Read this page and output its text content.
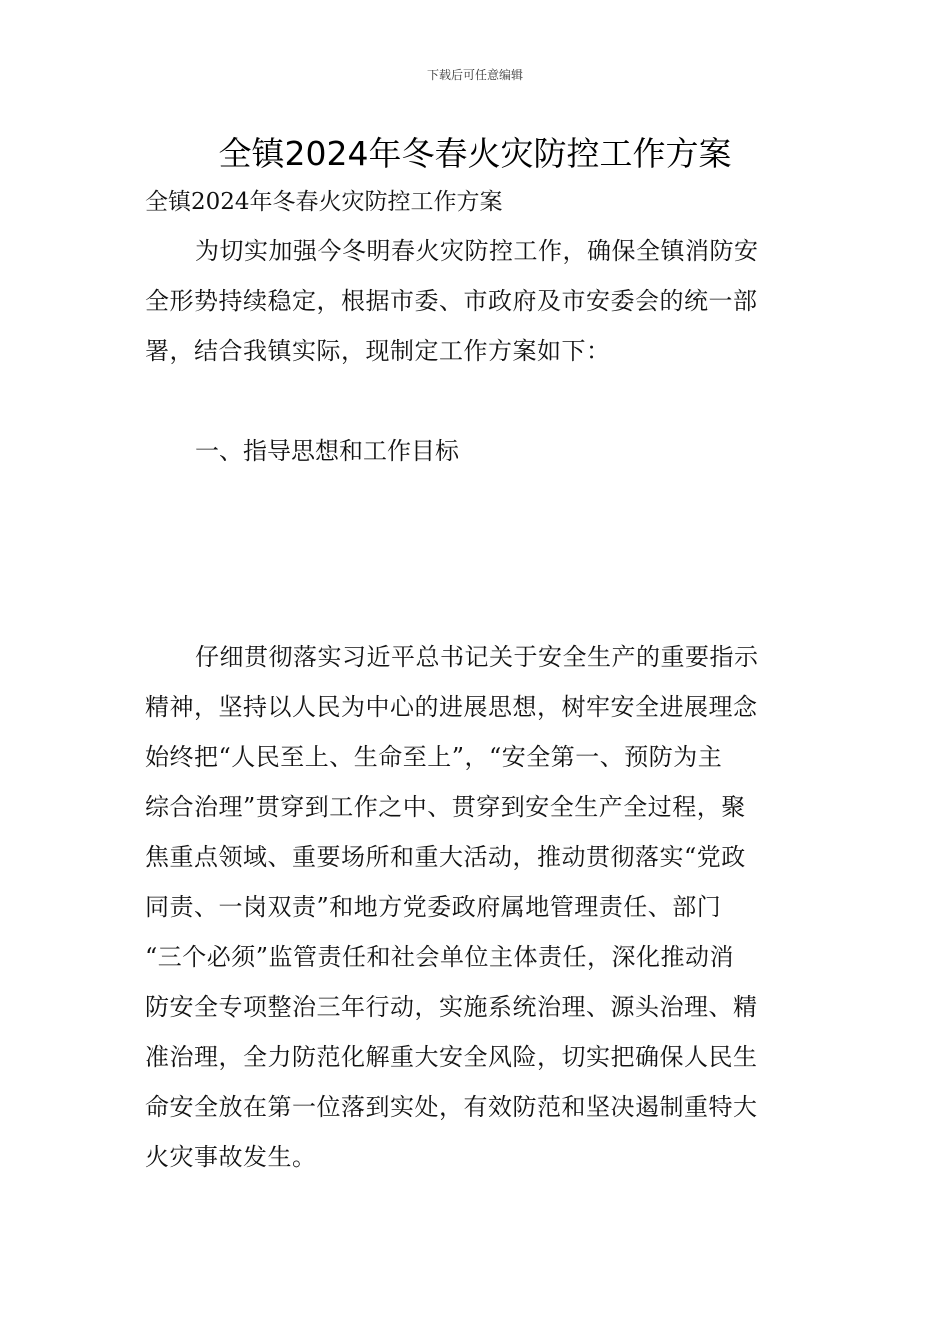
下载后可任意编辑
全镇2024年冬春火灾防控工作方案
全镇2024年冬春火灾防控工作方案
为切实加强今冬明春火灾防控工作，确保全镇消防安
全形势持续稳定，根据市委、市政府及市安委会的统一部
署，结合我镇实际，现制定工作方案如下：
一、指导思想和工作目标
仔细贯彻落实习近平总书记关于安全生产的重要指示
精神，坚持以人民为中心的进展思想，树牢安全进展理念
始终把“人民至上、生命至上”，“安全第一、预防为主
综合治理”贯穿到工作之中、贯穿到安全生产全过程，聚
焦重点领域、重要场所和重大活动，推动贯彻落实“党政
同责、一岗双责”和地方党委政府属地管理责任、部门
“三个必须”监管责任和社会单位主体责任，深化推动消
防安全专项整治三年行动，实施系统治理、源头治理、精
准治理，全力防范化解重大安全风险，切实把确保人民生
命安全放在第一位落到实处，有效防范和坚决遏制重特大
火灾事故发生。
